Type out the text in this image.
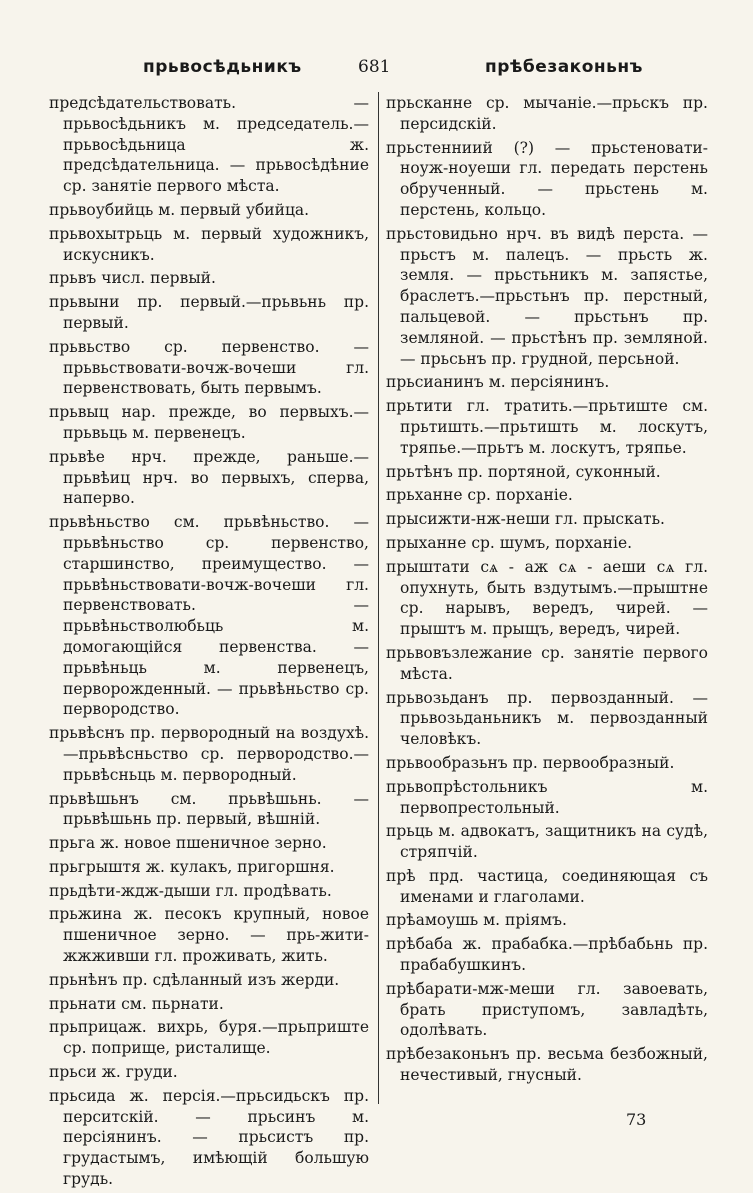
прьвосѣдьникъ	681	прѣбезаконьнъ

предсѣдательствовать. — прьвосѣдьникъ м. председатель.—прьвосѣдьница ж. предсѣдательница. — прьвосѣдѣние ср. занятіе первого мѣста.

прьвоубийць м. первый убийца.

прьвохытрьць м. первый художникъ, искусникъ.

прьвъ числ. первый.

прьвыни пр. первый.—прьвьнь пр. первый.

прьвьство ср. первенство. — прьвьствовати-вочж-вочеши гл. первенствовать, быть первымъ.

прьвыц нар. прежде, во первыхъ.— прьвьць м. первенецъ.

прьвѣе нрч. прежде, раньше.—прьвѣиц нрч. во первыхъ, сперва, наперво.

прьвѣньство см. прьвѣньство. — прьвѣньство ср. первенство, старшинство, преимущество. — прьвѣньствовати-вочж-вочеши гл. первенствовать. — прьвѣньстволюбьць м. домогающійся первенства. — прьвѣньць м. первенецъ, перворожденный. — прьвѣньство ср. первородство.

прьвѣснъ пр. первородный на воздухѣ.—прьвѣсньство ср. первородство.—прьвѣсньць м. первородный.

прьвѣшьнъ см. прьвѣшьнь. — прьвѣшьнь пр. первый, вѣшній.

прьга ж. новое пшеничное зерно.

прьгрыштя ж. кулакъ, пригоршня.

прьдѣти-ждж-дыши гл. продѣвать.

прьжина ж. песокъ крупный, новое пшеничное зерно. — прь-жити-жжживши гл. проживать, жить.

прьнѣнъ пр. сдѣланный изъ жерди.

прьнати см. пьрнати.

прьприцаж. вихрь, буря.—прьприште ср. поприще, ристалище.

прьси ж. груди.

прьсида ж. персія.—прьсидьскъ пр. перситскій. — прьсинъ м. персіянинъ. — прьсистъ пр. грудастымъ, имѣющій большую грудь.

прьсканне ср. мычаніе.—прьскъ пр. персидскій.

прьстенниий (?) — прьстеновати-ноуж-ноуеши гл. передать перстень обрученный. — прьстень м. перстень, кольцо.

прьстовидьно нрч. въ видѣ перста. —прьстъ м. палецъ. — прьсть ж. земля. — прьстьникъ м. запястье, браслетъ.—прьстьнъ пр. перстный, пальцевой. — прьстьнъ пр. земляной. — прьстѣнъ пр. земляной. — прьсьнъ пр. грудной, персьной.

прьсианинъ м. персіянинъ.

прьтити гл. тратить.—прьтиште см. прьтишть.—прьтишть м. лоскутъ, тряпье.—прьтъ м. лоскутъ, тряпье.

прьтѣнъ пр. портяной, суконный.

прьханне ср. порханіе.

прысижти-нж-неши гл. прыскать.

прыханне ср. шумъ, порханіе.

прыштати сѧ - аж сѧ - аеши сѧ гл. опухнуть, быть вздутымъ.—прыштне ср. нарывъ, вередъ, чирей. — прыштъ м. прыщъ, вередъ, чирей.

прьвовъзлежание ср. занятіе первого мѣста.

прьвозьданъ пр. первозданный. — прьвозьданьникъ м. первозданный человѣкъ.

прьвообразьнъ пр. первообразный.

прьвопрѣстольникъ м. первопрестольный.

прьць м. адвокатъ, защитникъ на судѣ, стряпчій.

прѣ прд. частица, соединяющая съ именами и глаголами.

прѣамоушь м. пріямъ.

прѣбаба ж. прабабка.—прѣбабьнь пр. прабабушкинъ.

прѣбарати-мж-меши гл. завоевать, брать приступомъ, завладѣть, одолѣвать.

прѣбезаконьнъ пр. весьма безбожный, нечестивый, гнусный.

73
